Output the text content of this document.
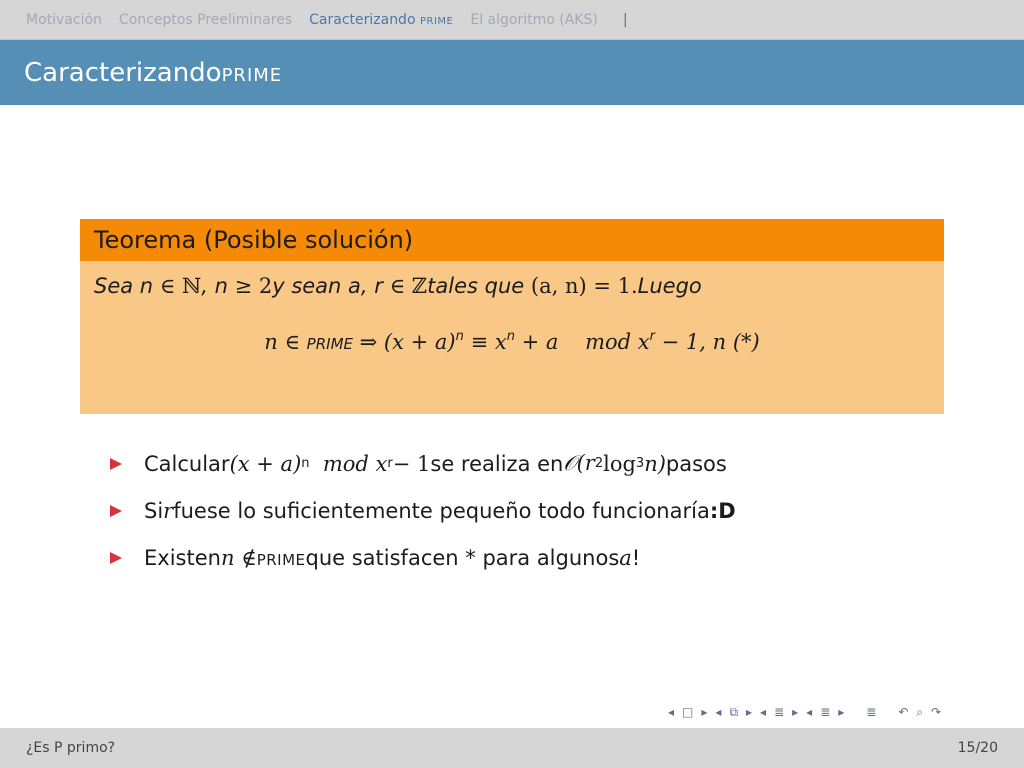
Motivación Conceptos Preeliminares Caracterizando prime El algoritmo (AKS) |
Caracterizando prime
Teorema (Posible solución)
Sea n
∈ ℕ , n
≥ 2 y sean a, r
∈ ℤ tales que
(a, n) = 1. Luego
n ∈ prime ⇒ $(x + a)^n \equiv x^n + a$    mod $x^r - 1$, n (*)
Calcular (x + a) n mod x r − 1 se realiza en 𝒪(r 2 log 3 n) pasos
Si r fuese lo suficientemente pequeño todo funcionaría :D
Existen n ∉ prime que satisfacen * para algunos a !
◂ □ ▸ ◂ ⧉ ▸ ◂ ≣ ▸ ◂ ≣ ▸ ≣ ↶ ⌕ ↷
¿Es P primo?	15/20
